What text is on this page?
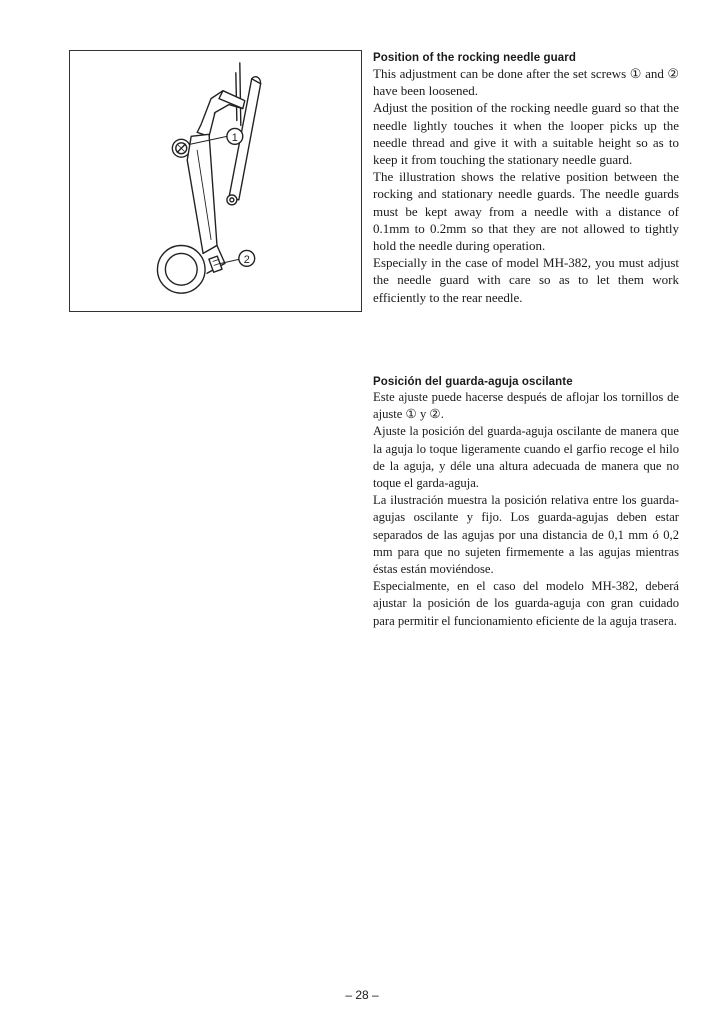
1
2
Position of the rocking needle guard

This adjustment can be done after the set screws ① and ② have been loosened.

Adjust the position of the rocking needle guard so that the needle lightly touches it when the looper picks up the needle thread and give it with a suitable height so as to keep it from touching the stationary needle guard.

The illustration shows the relative position between the rocking and stationary needle guards. The needle guards must be kept away from a needle with a distance of 0.1mm to 0.2mm so that they are not allowed to tightly hold the needle during operation.

Especially in the case of model MH-382, you must adjust the needle guard with care so as to let them work efficiently to the rear needle.

Posición del guarda-aguja oscilante

Este ajuste puede hacerse después de aflojar los tornillos de ajuste ① y ②.

Ajuste la posición del guarda-aguja oscilante de manera que la aguja lo toque ligeramente cuando el garfio recoge el hilo de la aguja, y déle una altura adecuada de manera que no toque el garda-aguja.

La ilustración muestra la posición relativa entre los guarda-agujas oscilante y fijo. Los guarda-agujas deben estar separados de las agujas por una distancia de 0,1 mm ó 0,2 mm para que no sujeten firmemente a las agujas mientras éstas están moviéndose.

Especialmente, en el caso del modelo MH-382, deberá ajustar la posición de los guarda-aguja con gran cuidado para permitir el funcionamiento eficiente de la aguja trasera.

– 28 –
